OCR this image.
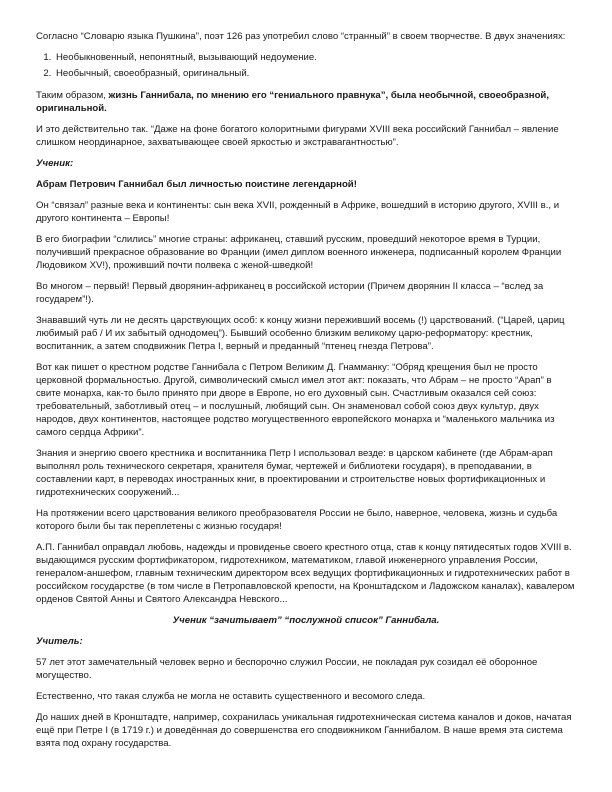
Согласно “Словарю языка Пушкина”, поэт 126 раз употребил слово “странный” в своем творчестве. В двух значениях:

1. Необыкновенный, непонятный, вызывающий недоумение.
2. Необычный, своеобразный, оригинальный.

Таким образом, жизнь Ганнибала, по мнению его “гениального правнука”, была необычной, своеобразной, оригинальной.

И это действительно так. “Даже на фоне богатого колоритными фигурами XVIII века российский Ганнибал – явление слишком неординарное, захватывающее своей яркостью и экстравагантностью”.

Ученик:

Абрам Петрович Ганнибал был личностью поистине легендарной!

Он “связал” разные века и континенты: сын века XVII, рожденный в Африке, вошедший в историю другого, XVIII в., и другого континента – Европы!

В его биографии “слились” многие страны: африканец, ставший русским, проведший некоторое время в Турции, получивший прекрасное образование во Франции (имел диплом военного инженера, подписанный королем Франции Людовиком XV!), проживший почти полвека с женой-шведкой!

Во многом – первый! Первый дворянин-африканец в российской истории (Причем дворянин II класса – “вслед за государем”!).

Знававший чуть ли не десять царствующих особ: к концу жизни переживший восемь (!) царствований. (“Царей, цариц любимый раб / И их забытый однодомец”). Бывший особенно близким великому царю-реформатору: крестник, воспитанник, а затем сподвижник Петра I, верный и преданный “птенец гнезда Петрова”.

Вот как пишет о крестном родстве Ганнибала с Петром Великим Д. Гнамманку: “Обряд крещения был не просто церковной формальностью. Другой, символический смысл имел этот акт: показать, что Абрам – не просто “Арап” в свите монарха, как-то было принято при дворе в Европе, но его духовный сын. Счастливым оказался сей союз: требовательный, заботливый отец – и послушный, любящий сын. Он знаменовал собой союз двух культур, двух народов, двух континентов, настоящее родство могущественного европейского монарха и “маленького мальчика из самого сердца Африки”.

Знания и энергию своего крестника и воспитанника Петр I использовал везде: в царском кабинете (где Абрам-арап выполнял роль технического секретаря, хранителя бумаг, чертежей и библиотеки государя), в преподавании, в составлении карт, в переводах иностранных книг, в проектировании и строительстве новых фортификационных и гидротехнических сооружений...

На протяжении всего царствования великого преобразователя России не было, наверное, человека, жизнь и судьба которого были бы так переплетены с жизнью государя!

А.П. Ганнибал оправдал любовь, надежды и провиденье своего крестного отца, став к концу пятидесятых годов XVIII в. выдающимся русским фортификатором, гидротехником, математиком, главой инженерного управления России, генералом-аншефом, главным техническим директором всех ведущих фортификационных и гидротехнических работ в российском государстве (в том числе в Петропавловской крепости, на Кронштадском и Ладожском каналах), кавалером орденов Святой Анны и Святого Александра Невского...

Ученик “зачитывает” “послужной список” Ганнибала.
Учитель:

57 лет этот замечательный человек верно и беспорочно служил России, не покладая рук созидал её оборонное могущество.

Естественно, что такая служба не могла не оставить существенного и весомого следа.

До наших дней в Кронштадте, например, сохранилась уникальная гидротехническая система каналов и доков, начатая ещё при Петре I (в 1719 г.) и доведённая до совершенства его сподвижником Ганнибалом. В наше время эта система взята под охрану государства.
